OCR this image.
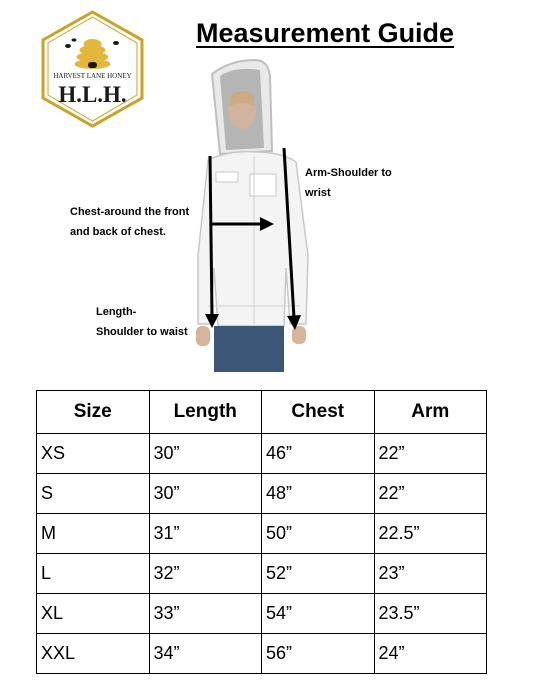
HARVEST LANE HONEY
H.L.H.
Measurement Guide
Arm-Shoulder to
wrist
Chest-around the front
and back of chest.
Length-
Shoulder to waist
Size	Length	Chest	Arm
XS	30”	46”	22”
S	30”	48”	22”
M	31”	50”	22.5”
L	32”	52”	23”
XL	33”	54”	23.5”
XXL	34”	56”	24”
